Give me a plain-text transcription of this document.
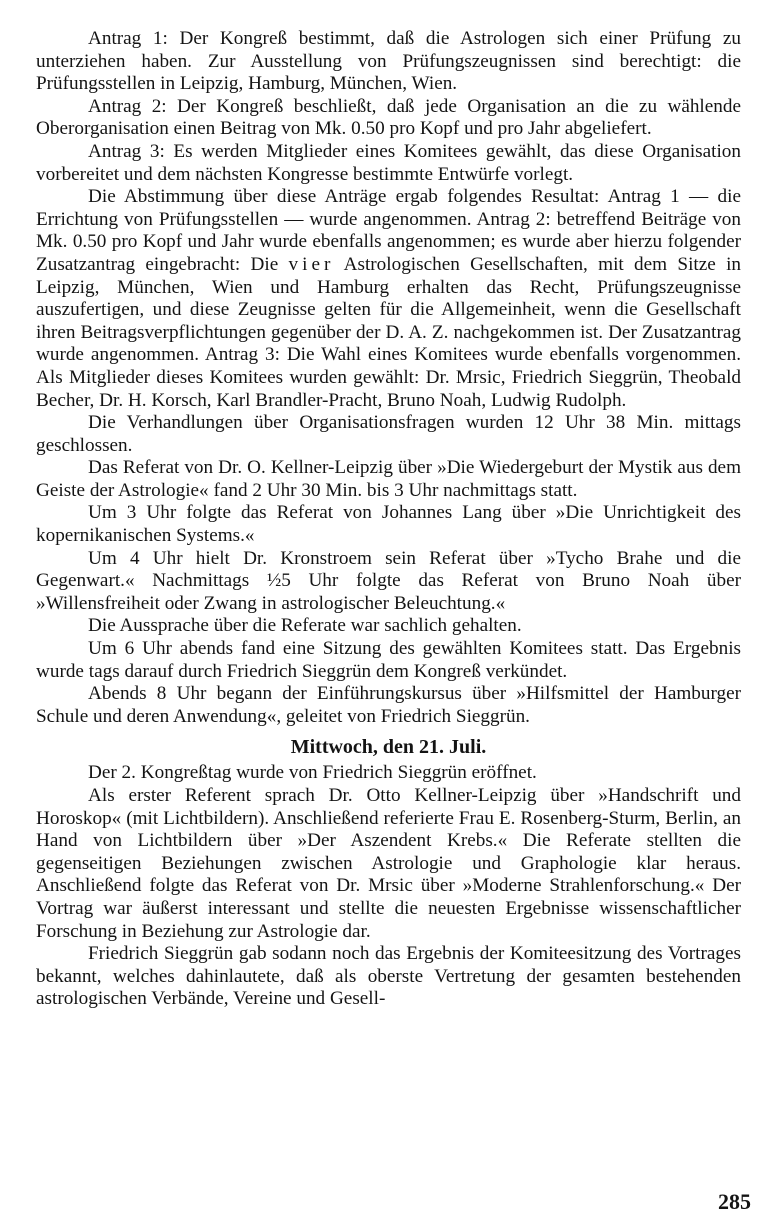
Antrag 1: Der Kongreß bestimmt, daß die Astrologen sich einer Prüfung zu unterziehen haben. Zur Ausstellung von Prüfungszeugnissen sind berechtigt: die Prüfungsstellen in Leipzig, Hamburg, München, Wien.

Antrag 2: Der Kongreß beschließt, daß jede Organisation an die zu wählende Oberorganisation einen Beitrag von Mk. 0.50 pro Kopf und pro Jahr abgeliefert.

Antrag 3: Es werden Mitglieder eines Komitees gewählt, das diese Organisation vorbereitet und dem nächsten Kongresse bestimmte Entwürfe vorlegt.

Die Abstimmung über diese Anträge ergab folgendes Resultat: Antrag 1 — die Errichtung von Prüfungsstellen — wurde angenommen. Antrag 2: betreffend Beiträge von Mk. 0.50 pro Kopf und Jahr wurde ebenfalls angenommen; es wurde aber hierzu folgender Zusatzantrag eingebracht: Die vier Astrologischen Gesellschaften, mit dem Sitze in Leipzig, München, Wien und Hamburg erhalten das Recht, Prüfungszeugnisse auszufertigen, und diese Zeugnisse gelten für die Allgemeinheit, wenn die Gesellschaft ihren Beitragsverpflichtungen gegenüber der D. A. Z. nachgekommen ist. Der Zusatzantrag wurde angenommen. Antrag 3: Die Wahl eines Komitees wurde ebenfalls vorgenommen. Als Mitglieder dieses Komitees wurden gewählt: Dr. Mrsic, Friedrich Sieggrün, Theobald Becher, Dr. H. Korsch, Karl Brandler-Pracht, Bruno Noah, Ludwig Rudolph.

Die Verhandlungen über Organisationsfragen wurden 12 Uhr 38 Min. mittags geschlossen.

Das Referat von Dr. O. Kellner-Leipzig über »Die Wiedergeburt der Mystik aus dem Geiste der Astrologie« fand 2 Uhr 30 Min. bis 3 Uhr nachmittags statt.

Um 3 Uhr folgte das Referat von Johannes Lang über »Die Unrichtigkeit des kopernikanischen Systems.«

Um 4 Uhr hielt Dr. Kronstroem sein Referat über »Tycho Brahe und die Gegenwart.« Nachmittags ½5 Uhr folgte das Referat von Bruno Noah über »Willensfreiheit oder Zwang in astrologischer Beleuchtung.«

Die Aussprache über die Referate war sachlich gehalten.

Um 6 Uhr abends fand eine Sitzung des gewählten Komitees statt. Das Ergebnis wurde tags darauf durch Friedrich Sieggrün dem Kongreß verkündet.

Abends 8 Uhr begann der Einführungskursus über »Hilfsmittel der Hamburger Schule und deren Anwendung«, geleitet von Friedrich Sieggrün.

Mittwoch, den 21. Juli.

Der 2. Kongreßtag wurde von Friedrich Sieggrün eröffnet.

Als erster Referent sprach Dr. Otto Kellner-Leipzig über »Handschrift und Horoskop« (mit Lichtbildern). Anschließend referierte Frau E. Rosenberg-Sturm, Berlin, an Hand von Lichtbildern über »Der Aszendent Krebs.« Die Referate stellten die gegenseitigen Beziehungen zwischen Astrologie und Graphologie klar heraus. Anschließend folgte das Referat von Dr. Mrsic über »Moderne Strahlenforschung.« Der Vortrag war äußerst interessant und stellte die neuesten Ergebnisse wissenschaftlicher Forschung in Beziehung zur Astrologie dar.

Friedrich Sieggrün gab sodann noch das Ergebnis der Komiteesitzung des Vortrages bekannt, welches dahinlautete, daß als oberste Vertretung der gesamten bestehenden astrologischen Verbände, Vereine und Gesell-

285
